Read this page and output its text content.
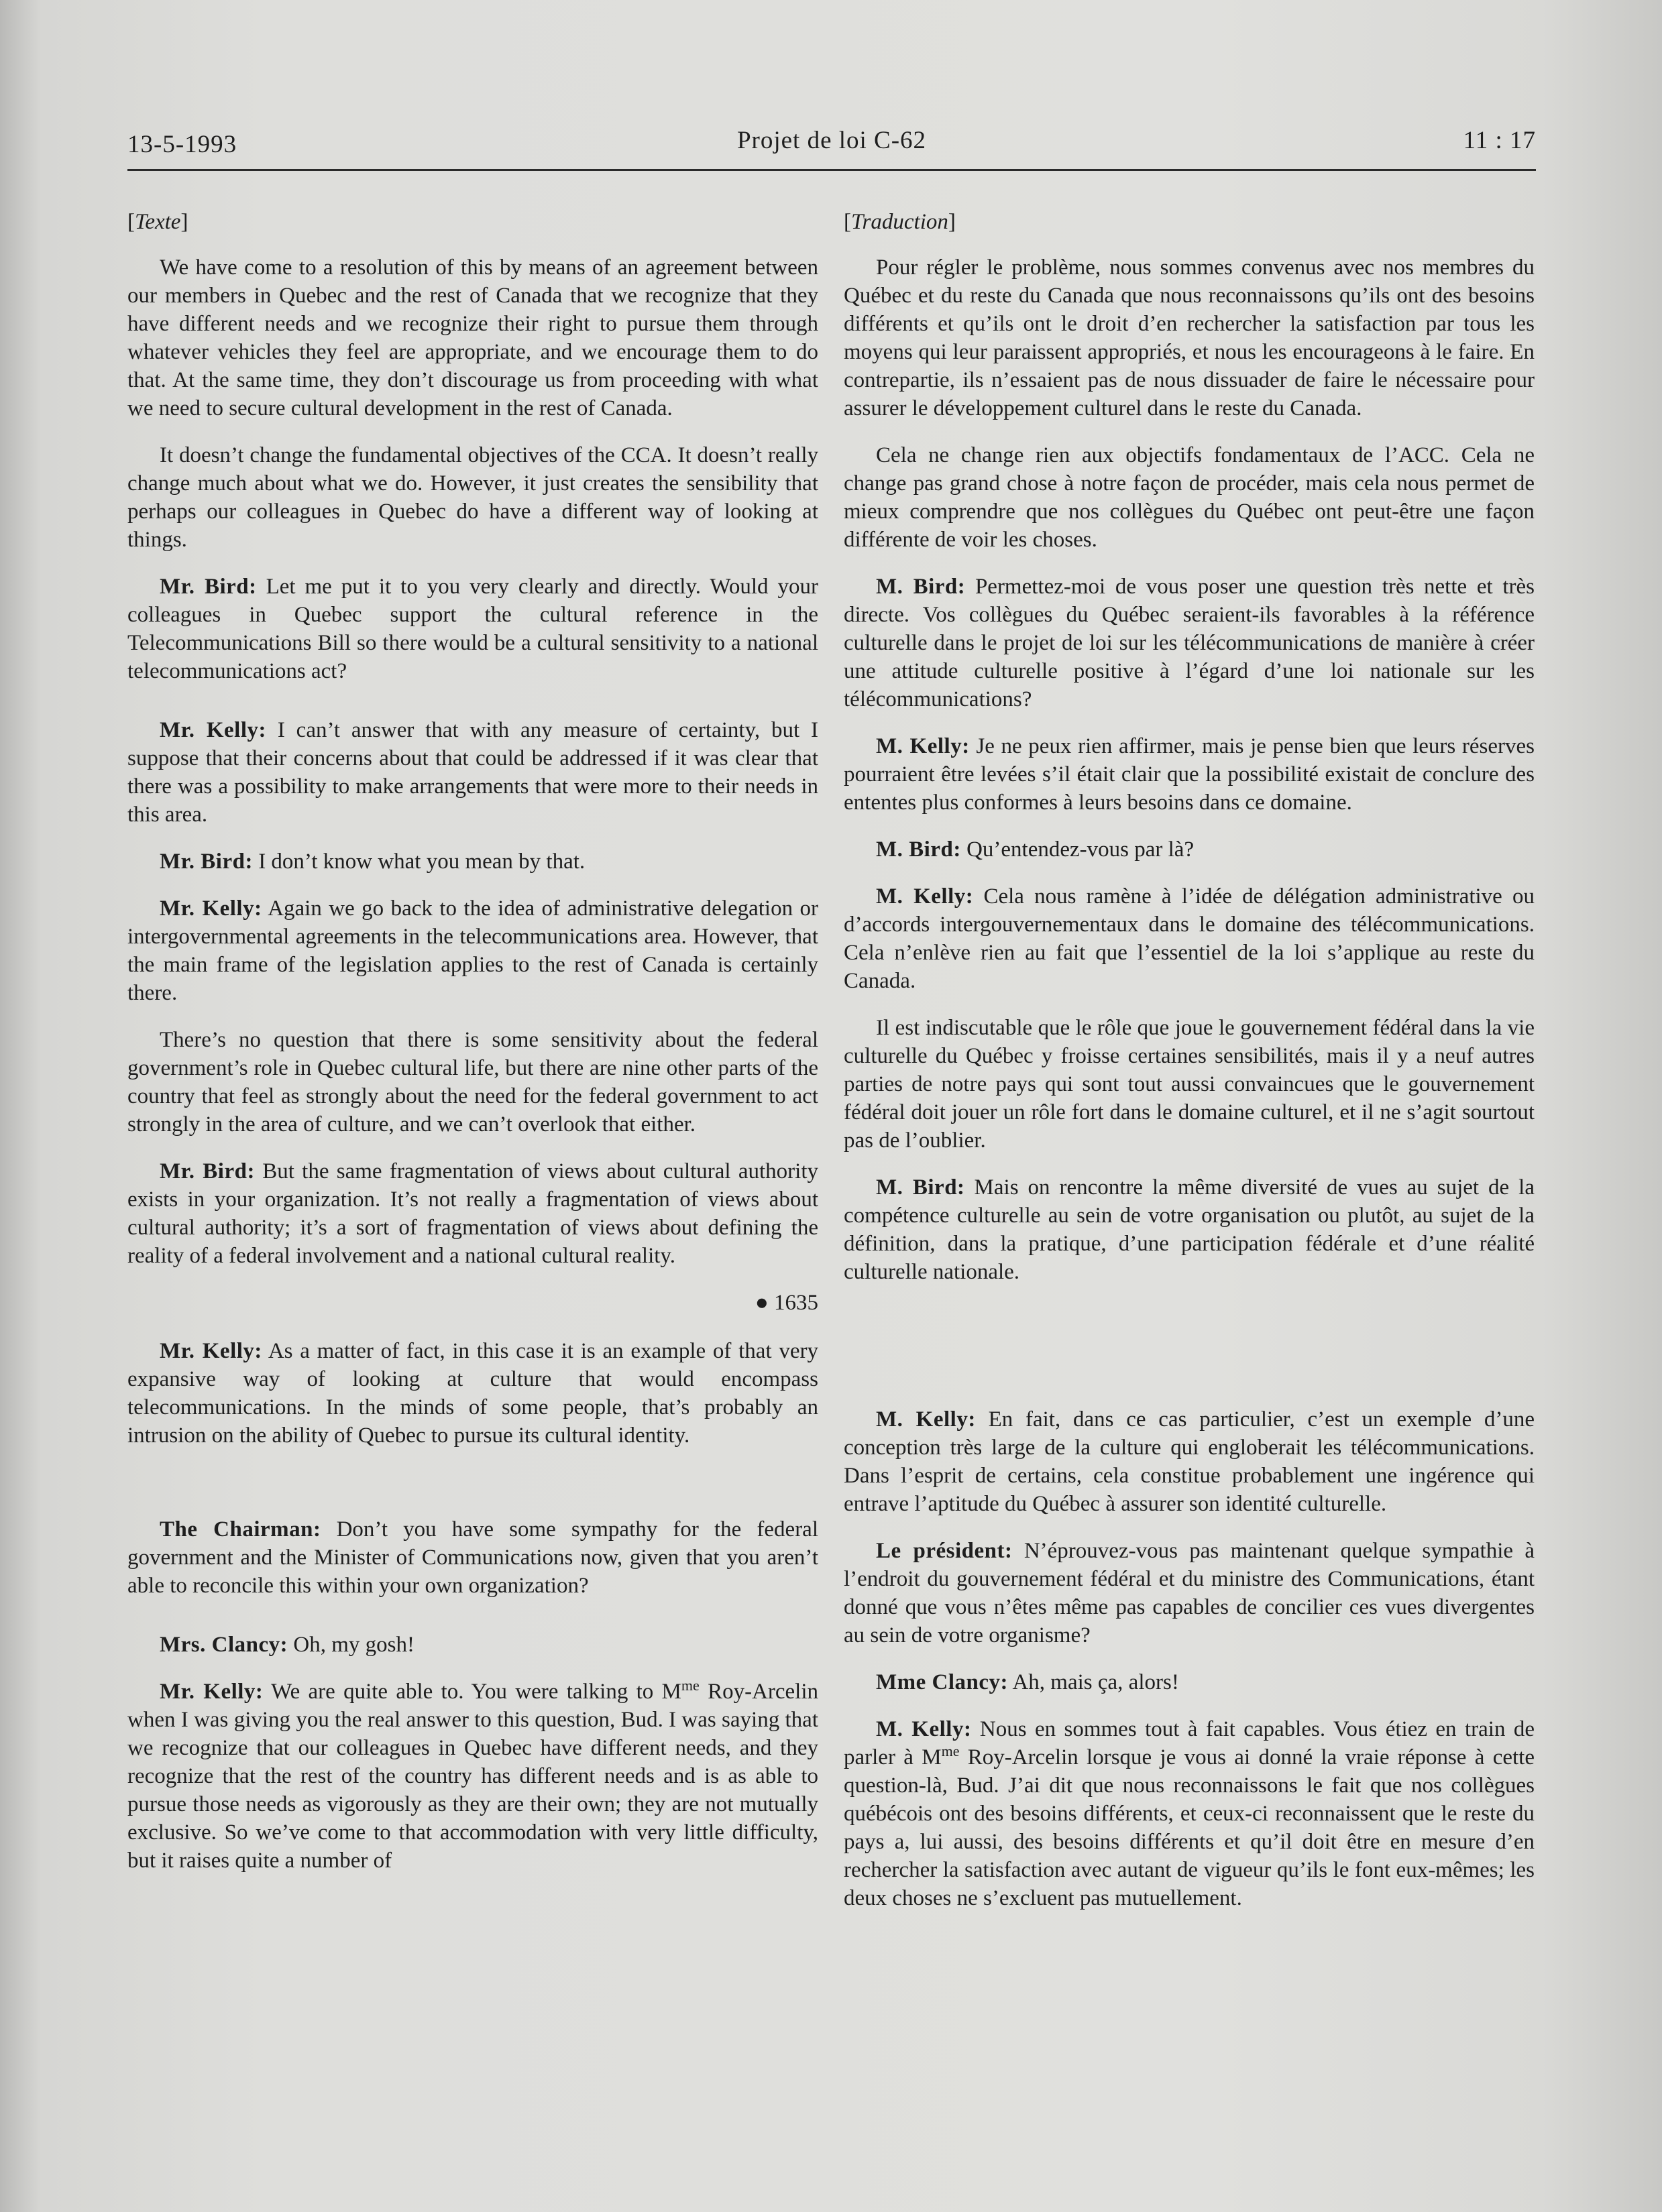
13-5-1993	Projet de loi C-62	11 : 17
[Texte]

We have come to a resolution of this by means of an agreement between our members in Quebec and the rest of Canada that we recognize that they have different needs and we recognize their right to pursue them through whatever vehicles they feel are appropriate, and we encourage them to do that. At the same time, they don’t discourage us from proceeding with what we need to secure cultural development in the rest of Canada.

It doesn’t change the fundamental objectives of the CCA. It doesn’t really change much about what we do. However, it just creates the sensibility that perhaps our colleagues in Quebec do have a different way of looking at things.

Mr. Bird: Let me put it to you very clearly and directly. Would your colleagues in Quebec support the cultural reference in the Telecommunications Bill so there would be a cultural sensitivity to a national telecommunications act?

Mr. Kelly: I can’t answer that with any measure of certainty, but I suppose that their concerns about that could be addressed if it was clear that there was a possibility to make arrangements that were more to their needs in this area.

Mr. Bird: I don’t know what you mean by that.

Mr. Kelly: Again we go back to the idea of administrative delegation or intergovernmental agreements in the telecommunications area. However, that the main frame of the legislation applies to the rest of Canada is certainly there.

There’s no question that there is some sensitivity about the federal government’s role in Quebec cultural life, but there are nine other parts of the country that feel as strongly about the need for the federal government to act strongly in the area of culture, and we can’t overlook that either.

Mr. Bird: But the same fragmentation of views about cultural authority exists in your organization. It’s not really a fragmentation of views about cultural authority; it’s a sort of fragmentation of views about defining the reality of a federal involvement and a national cultural reality.

● 1635

Mr. Kelly: As a matter of fact, in this case it is an example of that very expansive way of looking at culture that would encompass telecommunications. In the minds of some people, that’s probably an intrusion on the ability of Quebec to pursue its cultural identity.

The Chairman: Don’t you have some sympathy for the federal government and the Minister of Communications now, given that you aren’t able to reconcile this within your own organization?

Mrs. Clancy: Oh, my gosh!

Mr. Kelly: We are quite able to. You were talking to $M^{me}$ Roy-Arcelin when I was giving you the real answer to this question, Bud. I was saying that we recognize that our colleagues in Quebec have different needs, and they recognize that the rest of the country has different needs and is as able to pursue those needs as vigorously as they are their own; they are not mutually exclusive. So we’ve come to that accommodation with very little difficulty, but it raises quite a number of

[Traduction]

Pour régler le problème, nous sommes convenus avec nos membres du Québec et du reste du Canada que nous reconnaissons qu’ils ont des besoins différents et qu’ils ont le droit d’en rechercher la satisfaction par tous les moyens qui leur paraissent appropriés, et nous les encourageons à le faire. En contrepartie, ils n’essaient pas de nous dissuader de faire le nécessaire pour assurer le développement culturel dans le reste du Canada.

Cela ne change rien aux objectifs fondamentaux de l’ACC. Cela ne change pas grand chose à notre façon de procéder, mais cela nous permet de mieux comprendre que nos collègues du Québec ont peut-être une façon différente de voir les choses.

M. Bird: Permettez-moi de vous poser une question très nette et très directe. Vos collègues du Québec seraient-ils favorables à la référence culturelle dans le projet de loi sur les télécommunications de manière à créer une attitude culturelle positive à l’égard d’une loi nationale sur les télécommunications?

M. Kelly: Je ne peux rien affirmer, mais je pense bien que leurs réserves pourraient être levées s’il était clair que la possibilité existait de conclure des ententes plus conformes à leurs besoins dans ce domaine.

M. Bird: Qu’entendez-vous par là?

M. Kelly: Cela nous ramène à l’idée de délégation administrative ou d’accords intergouvernementaux dans le domaine des télécommunications. Cela n’enlève rien au fait que l’essentiel de la loi s’applique au reste du Canada.

Il est indiscutable que le rôle que joue le gouvernement fédéral dans la vie culturelle du Québec y froisse certaines sensibilités, mais il y a neuf autres parties de notre pays qui sont tout aussi convaincues que le gouvernement fédéral doit jouer un rôle fort dans le domaine culturel, et il ne s’agit sourtout pas de l’oublier.

M. Bird: Mais on rencontre la même diversité de vues au sujet de la compétence culturelle au sein de votre organisation ou plutôt, au sujet de la définition, dans la pratique, d’une participation fédérale et d’une réalité culturelle nationale.

M. Kelly: En fait, dans ce cas particulier, c’est un exemple d’une conception très large de la culture qui engloberait les télécommunications. Dans l’esprit de certains, cela constitue probablement une ingérence qui entrave l’aptitude du Québec à assurer son identité culturelle.

Le président: N’éprouvez-vous pas maintenant quelque sympathie à l’endroit du gouvernement fédéral et du ministre des Communications, étant donné que vous n’êtes même pas capables de concilier ces vues divergentes au sein de votre organisme?

Mme Clancy: Ah, mais ça, alors!

M. Kelly: Nous en sommes tout à fait capables. Vous étiez en train de parler à $M^{me}$ Roy-Arcelin lorsque je vous ai donné la vraie réponse à cette question-là, Bud. J’ai dit que nous reconnaissons le fait que nos collègues québécois ont des besoins différents, et ceux-ci reconnaissent que le reste du pays a, lui aussi, des besoins différents et qu’il doit être en mesure d’en rechercher la satisfaction avec autant de vigueur qu’ils le font eux-mêmes; les deux choses ne s’excluent pas mutuellement.
